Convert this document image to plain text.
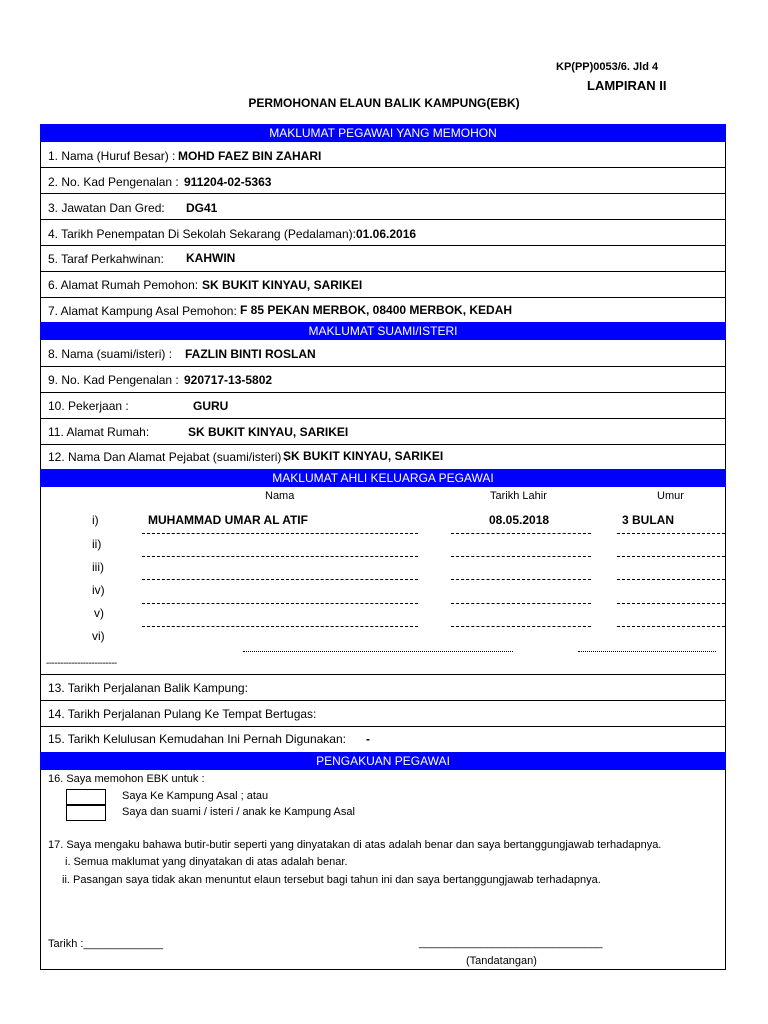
KP(PP)0053/6. Jld 4
LAMPIRAN II
PERMOHONAN ELAUN BALIK KAMPUNG(EBK)
MAKLUMAT PEGAWAI YANG MEMOHON
1. Nama (Huruf Besar) : MOHD FAEZ BIN ZAHARI
2. No. Kad Pengenalan : 911204-02-5363
3. Jawatan Dan Gred: DG41
4. Tarikh Penempatan Di Sekolah Sekarang (Pedalaman): 01.06.2016
5. Taraf Perkahwinan: KAHWIN
6. Alamat Rumah Pemohon: SK BUKIT KINYAU, SARIKEI
7. Alamat Kampung Asal Pemohon: F 85 PEKAN MERBOK, 08400 MERBOK, KEDAH
MAKLUMAT SUAMI/ISTERI
8. Nama (suami/isteri) : FAZLIN BINTI ROSLAN
9. No. Kad Pengenalan : 920717-13-5802
10. Pekerjaan :	GURU
11. Alamat Rumah:	SK BUKIT KINYAU, SARIKEI
12. Nama Dan Alamat Pejabat (suami/isteri) :
SK BUKIT KINYAU, SARIKEI
MAKLUMAT AHLI KELUARGA PEGAWAI
Nama	Tarikh Lahir	Umur
i)	MUHAMMAD UMAR AL ATIF	08.05.2018	3 BULAN
ii)
iii)
iv)
v)
vi)
-------------------------
13. Tarikh Perjalanan Balik Kampung:
14. Tarikh Perjalanan Pulang Ke Tempat Bertugas:
15. Tarikh Kelulusan Kemudahan Ini Pernah Digunakan: -
PENGAKUAN PEGAWAI
16. Saya memohon EBK untuk :
Saya Ke Kampung Asal ; atau
Saya dan suami / isteri / anak ke Kampung Asal
17. Saya mengaku bahawa butir-butir seperti yang dinyatakan di atas adalah benar dan saya bertanggungjawab terhadapnya.
i. Semua maklumat yang dinyatakan di atas adalah benar.
ii. Pasangan saya tidak akan menuntut elaun tersebut bagi tahun ini dan saya bertanggungjawab terhadapnya.
Tarikh :_____________	______________________________
(Tandatangan)
